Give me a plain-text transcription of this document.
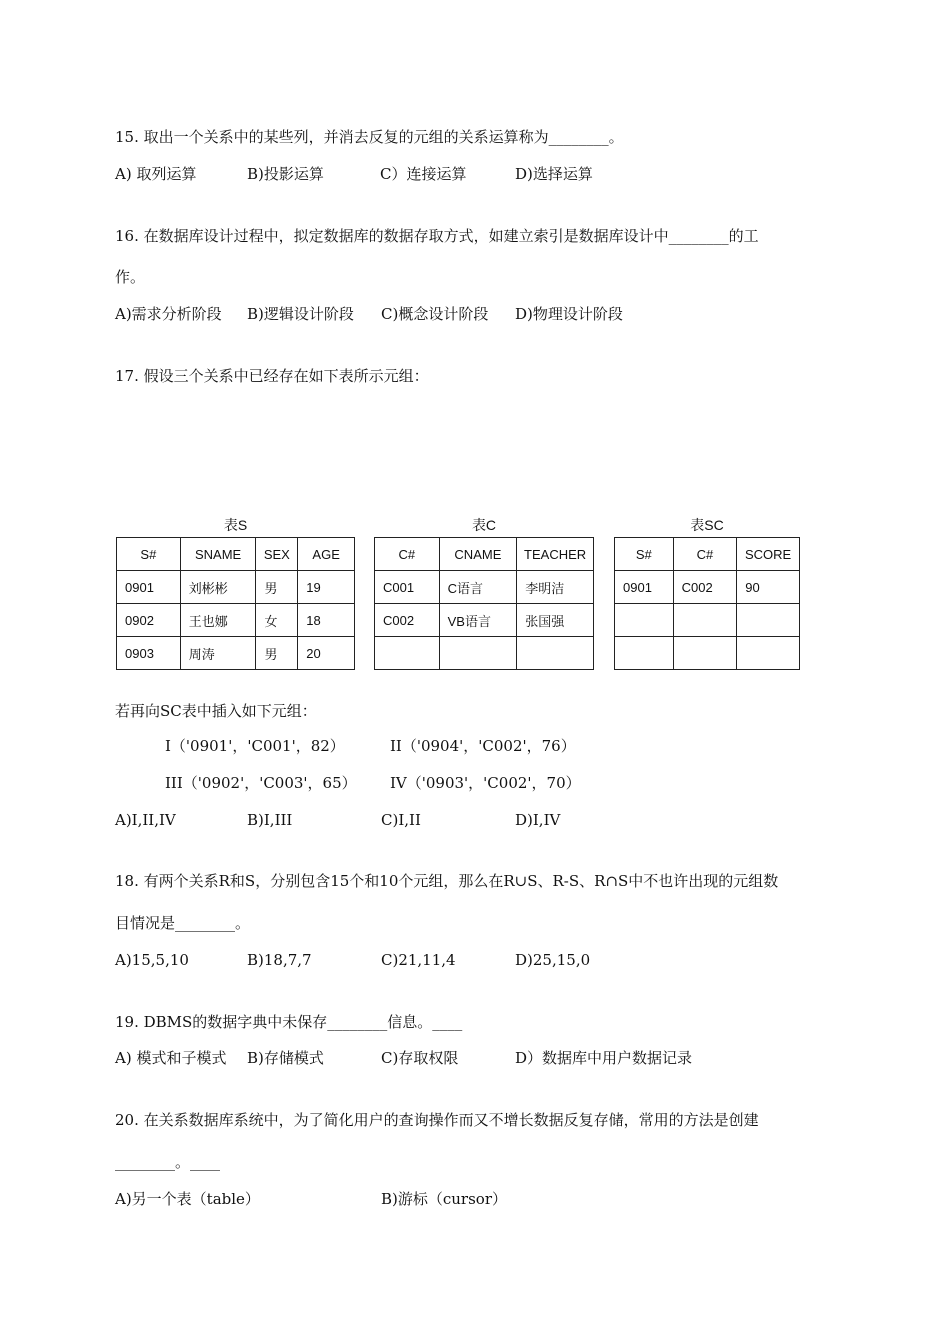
15. 取出一个关系中的某些列，并消去反复的元组的关系运算称为________。
A) 取列运算	B)投影运算	C）连接运算	D)选择运算
16. 在数据库设计过程中，拟定数据库的数据存取方式，如建立索引是数据库设计中________的工
作。
A)需求分析阶段 B)逻辑设计阶段 C)概念设计阶段 D)物理设计阶段
17. 假设三个关系中已经存在如下表所示元组：
表S
S#	SNAME	SEX	AGE
0901	刘彬彬	男	19
0902	王也娜	女	18
0903	周涛	男	20
表C
C#	CNAME	TEACHER
C001	C语言	李明洁
C002	VB语言	张国强

表SC
S#	C#	SCORE
0901	C002	90

若再向SC表中插入如下元组：
I（'0901'，'C001'，82）	II（'0904'，'C002'，76）
III（'0902'，'C003'，65） IV（'0903'，'C002'，70）
A)I,II,IV	B)I,III	C)I,II	D)I,IV
18. 有两个关系R和S，分别包含15个和10个元组，那么在R∪S、R-S、R∩S中不也许出现的元组数
目情况是________。
A)15,5,10	B)18,7,7	C)21,11,4	D)25,15,0
19. DBMS的数据字典中未保存________信息。____
A) 模式和子模式 B)存储模式	C)存取权限	D）数据库中用户数据记录
20. 在关系数据库系统中，为了简化用户的查询操作而又不增长数据反复存储，常用的方法是创建
________。____
A)另一个表（table）	B)游标（cursor）
